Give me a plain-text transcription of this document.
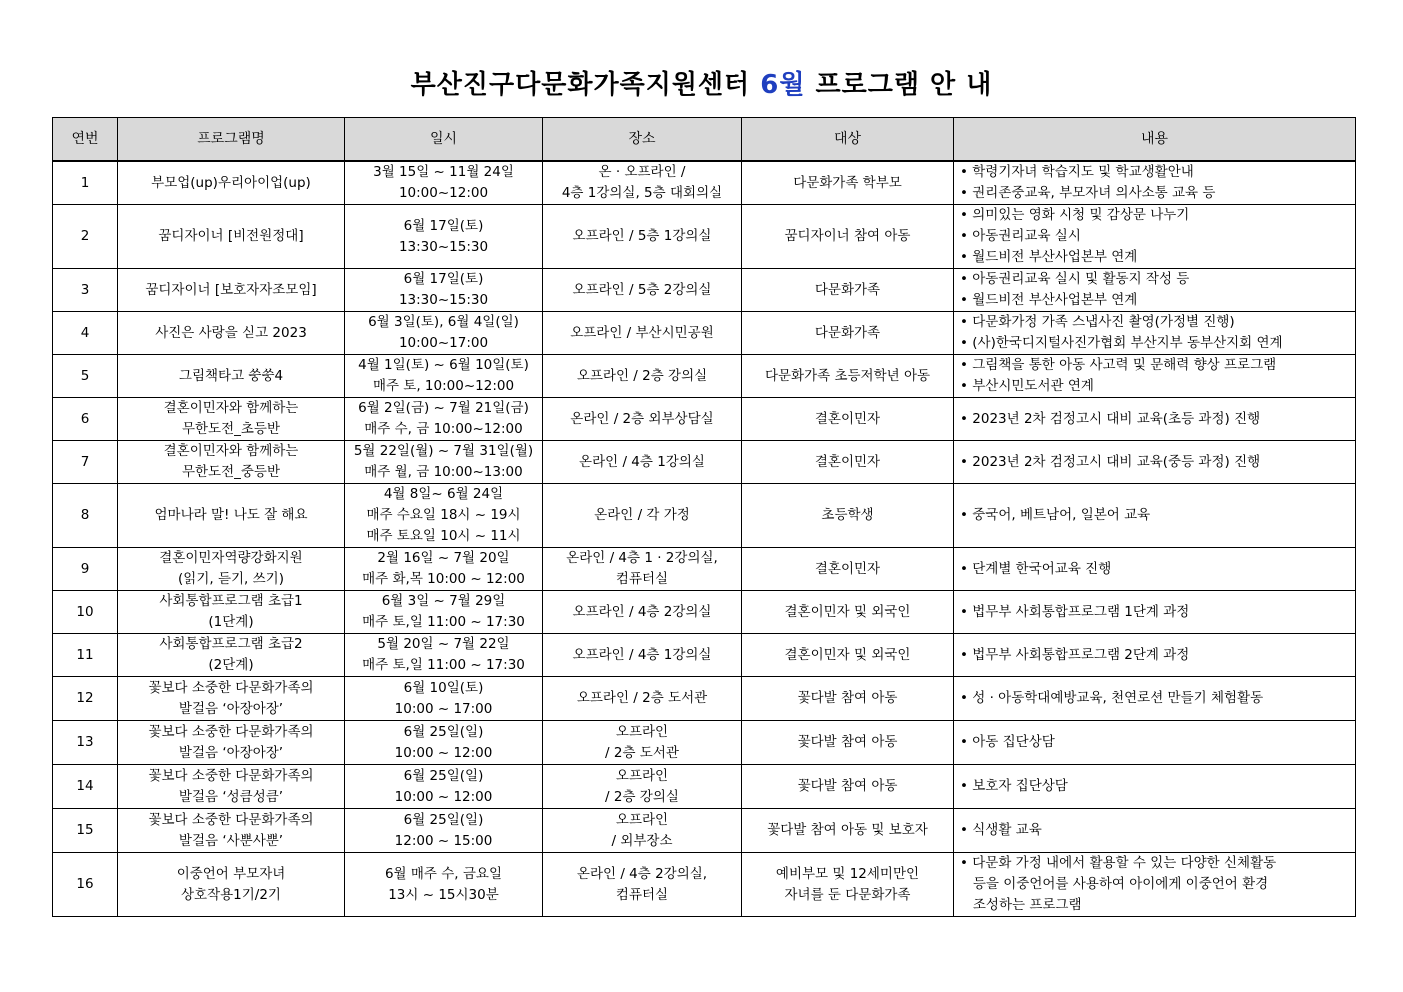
부산진구다문화가족지원센터 6월 프로그램 안 내
연번	프로그램명	일시	장소	대상	내용
1	부모업(up)우리아이업(up)	3월 15일 ~ 11월 24일
10:00~12:00	온 · 오프라인 /
4층 1강의실, 5층 대회의실	다문화가족 학부모	• 학령기자녀 학습지도 및 학교생활안내
• 권리존중교육, 부모자녀 의사소통 교육 등

2	꿈디자이너 [비전원정대]	6월 17일(토)
13:30~15:30	오프라인 / 5층 1강의실	꿈디자이너 참여 아동	• 의미있는 영화 시청 및 감상문 나누기
• 아동권리교육 실시
• 월드비전 부산사업본부 연계

3	꿈디자이너 [보호자자조모임]	6월 17일(토)
13:30~15:30	오프라인 / 5층 2강의실	다문화가족	• 아동권리교육 실시 및 활동지 작성 등
• 월드비전 부산사업본부 연계

4	사진은 사랑을 싣고 2023	6월 3일(토), 6월 4일(일)
10:00~17:00	오프라인 / 부산시민공원	다문화가족	• 다문화가정 가족 스냅사진 촬영(가정별 진행)
• (사)한국디지털사진가협회 부산지부 동부산지회 연계

5	그림책타고 쑹쑹4	4월 1일(토) ~ 6월 10일(토)
매주 토, 10:00~12:00	오프라인 / 2층 강의실	다문화가족 초등저학년 아동	• 그림책을 통한 아동 사고력 및 문해력 향상 프로그램
• 부산시민도서관 연계

6	결혼이민자와 함께하는
무한도전_초등반	6월 2일(금) ~ 7월 21일(금)
매주 수, 금 10:00~12:00	온라인 / 2층 외부상담실	결혼이민자	• 2023년 2차 검정고시 대비 교육(초등 과정) 진행

7	결혼이민자와 함께하는
무한도전_중등반	5월 22일(월) ~ 7월 31일(월)
매주 월, 금 10:00~13:00	온라인 / 4층 1강의실	결혼이민자	• 2023년 2차 검정고시 대비 교육(중등 과정) 진행

8	엄마나라 말! 나도 잘 해요	4월 8일~ 6월 24일
매주 수요일 18시 ~ 19시
매주 토요일 10시 ~ 11시	온라인 / 각 가정	초등학생	• 중국어, 베트남어, 일본어 교육

9	결혼이민자역량강화지원
(읽기, 듣기, 쓰기)	2월 16일 ~ 7월 20일
매주 화,목 10:00 ~ 12:00	온라인 / 4층 1 · 2강의실,
컴퓨터실	결혼이민자	• 단계별 한국어교육 진행

10	사회통합프로그램 초급1
(1단계)	6월 3일 ~ 7월 29일
매주 토,일 11:00 ~ 17:30	오프라인 / 4층 2강의실	결혼이민자 및 외국인	• 법무부 사회통합프로그램 1단계 과정

11	사회통합프로그램 초급2
(2단계)	5월 20일 ~ 7월 22일
매주 토,일 11:00 ~ 17:30	오프라인 / 4층 1강의실	결혼이민자 및 외국인	• 법무부 사회통합프로그램 2단계 과정

12	꽃보다 소중한 다문화가족의
발걸음 ‘아장아장’	6월 10일(토)
10:00 ~ 17:00	오프라인 / 2층 도서관	꽃다발 참여 아동	• 성 · 아동학대예방교육, 천연로션 만들기 체험활동

13	꽃보다 소중한 다문화가족의
발걸음 ‘아장아장’	6월 25일(일)
10:00 ~ 12:00	오프라인
/ 2층 도서관	꽃다발 참여 아동	• 아동 집단상담

14	꽃보다 소중한 다문화가족의
발걸음 ‘성큼성큼’	6월 25일(일)
10:00 ~ 12:00	오프라인
/ 2층 강의실	꽃다발 참여 아동	• 보호자 집단상담

15	꽃보다 소중한 다문화가족의
발걸음 ‘사뿐사뿐’	6월 25일(일)
12:00 ~ 15:00	오프라인
/ 외부장소	꽃다발 참여 아동 및 보호자	• 식생활 교육

16	이중언어 부모자녀
상호작용1기/2기	6월 매주 수, 금요일
13시 ~ 15시30분	온라인 / 4층 2강의실,
컴퓨터실	예비부모 및 12세미만인
자녀를 둔 다문화가족	• 다문화 가정 내에서 활용할 수 있는 다양한 신체활동
등을 이중언어를 사용하여 아이에게 이중언어 환경
조성하는 프로그램
